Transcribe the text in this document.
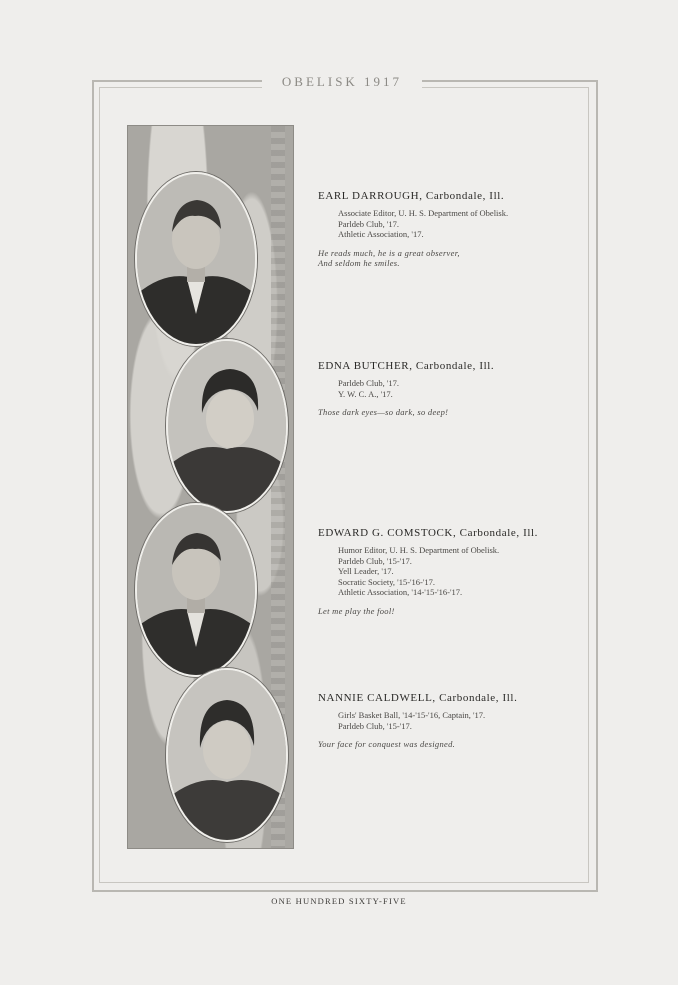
OBELISK 1917
EARL DARROUGH, Carbondale, Ill.
Associate Editor, U. H. S. Department of Obelisk.
Parldeb Club, '17.
Athletic Association, '17.
He reads much, he is a great observer,
And seldom he smiles.
EDNA BUTCHER, Carbondale, Ill.
Parldeb Club, '17.
Y. W. C. A., '17.
Those dark eyes—so dark, so deep!
EDWARD G. COMSTOCK, Carbondale, Ill.
Humor Editor, U. H. S. Department of Obelisk.
Parldeb Club, '15-'17.
Yell Leader, '17.
Socratic Society, '15-'16-'17.
Athletic Association, '14-'15-'16-'17.
Let me play the fool!
NANNIE CALDWELL, Carbondale, Ill.
Girls' Basket Ball, '14-'15-'16, Captain, '17.
Parldeb Club, '15-'17.
Your face for conquest was designed.
ONE HUNDRED SIXTY-FIVE
